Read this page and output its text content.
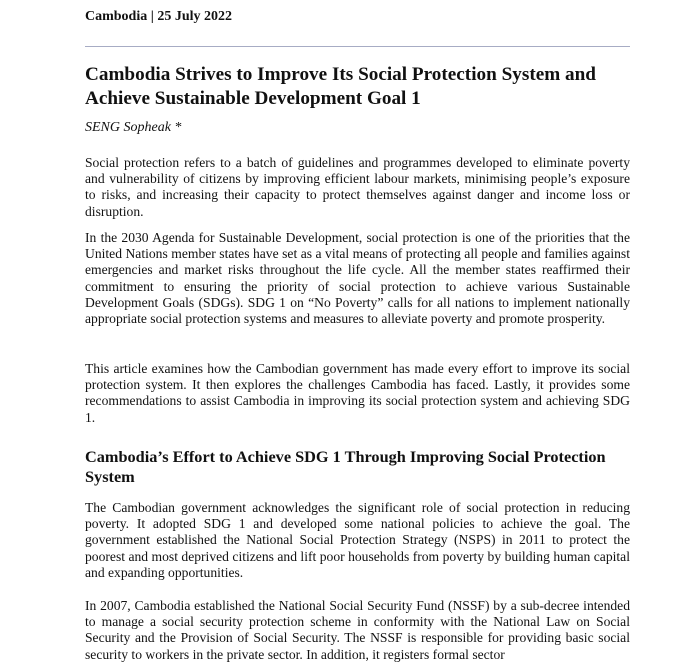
Cambodia | 25 July 2022
Cambodia Strives to Improve Its Social Protection System and Achieve Sustainable Development Goal 1

SENG Sopheak *

Social protection refers to a batch of guidelines and programmes developed to eliminate poverty and vulnerability of citizens by improving efficient labour markets, minimising people’s exposure to risks, and increasing their capacity to protect themselves against danger and income loss or disruption.

In the 2030 Agenda for Sustainable Development, social protection is one of the priorities that the United Nations member states have set as a vital means of protecting all people and families against emergencies and market risks throughout the life cycle. All the member states reaffirmed their commitment to ensuring the priority of social protection to achieve various Sustainable Development Goals (SDGs). SDG 1 on “No Poverty” calls for all nations to implement nationally appropriate social protection systems and measures to alleviate poverty and promote prosperity.

This article examines how the Cambodian government has made every effort to improve its social protection system. It then explores the challenges Cambodia has faced. Lastly, it provides some recommendations to assist Cambodia in improving its social protection system and achieving SDG 1.

Cambodia’s Effort to Achieve SDG 1 Through Improving Social Protection System

The Cambodian government acknowledges the significant role of social protection in reducing poverty. It adopted SDG 1 and developed some national policies to achieve the goal. The government established the National Social Protection Strategy (NSPS) in 2011 to protect the poorest and most deprived citizens and lift poor households from poverty by building human capital and expanding opportunities.

In 2007, Cambodia established the National Social Security Fund (NSSF) by a sub-decree intended to manage a social security protection scheme in conformity with the National Law on Social Security and the Provision of Social Security. The NSSF is responsible for providing basic social security to workers in the private sector. In addition, it registers formal sector
